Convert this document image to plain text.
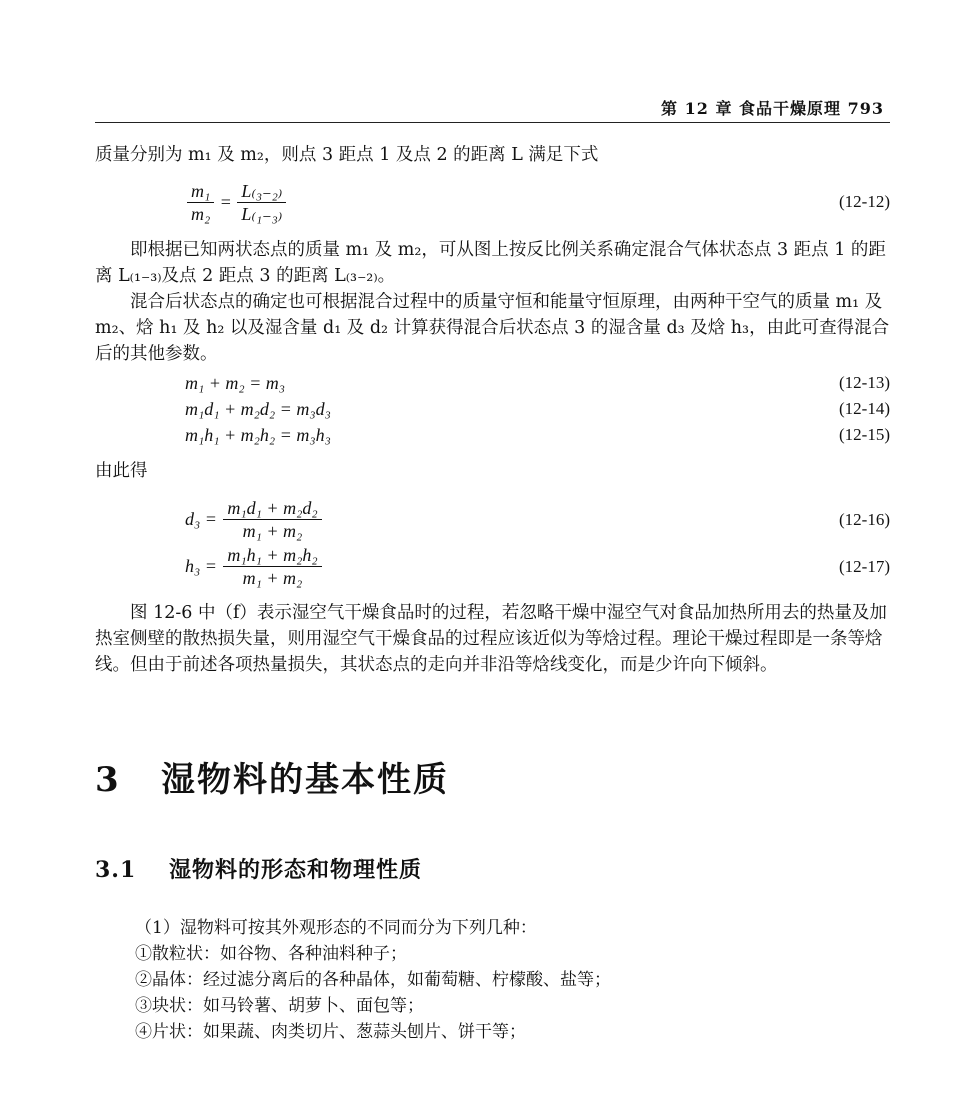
第 12 章 食品干燥原理 793

质量分别为 m₁ 及 m₂，则点 3 距点 1 及点 2 的距离 L 满足下式

$\frac{\text{m₁}}{\text{m₂}} = \frac{\text{L₍₃₋₂₎}}{\text{L₍₁₋₃₎}}$	(12-12)

即根据已知两状态点的质量 m₁ 及 m₂，可从图上按反比例关系确定混合气体状态点 3 距点 1 的距离 L₍₁₋₃₎及点 2 距点 3 的距离 L₍₃₋₂₎。

混合后状态点的确定也可根据混合过程中的质量守恒和能量守恒原理，由两种干空气的质量 m₁ 及 m₂、焓 h₁ 及 h₂ 以及湿含量 d₁ 及 d₂ 计算获得混合后状态点 3 的湿含量 d₃ 及焓 h₃，由此可查得混合后的其他参数。

m₁ + m₂ = m₃	(12-13)
m₁d₁ + m₂d₂ = m₃d₃	(12-14)
m₁h₁ + m₂h₂ = m₃h₃	(12-15)

由此得

$d_3 = \frac{\text{m₁d₁ + m₂d₂}}{\text{m₁ + m₂}}$	(12-16)
$h_3 = \frac{\text{m₁h₁ + m₂h₂}}{\text{m₁ + m₂}}$	(12-17)

图 12-6 中（f）表示湿空气干燥食品时的过程，若忽略干燥中湿空气对食品加热所用去的热量及加热室侧壁的散热损失量，则用湿空气干燥食品的过程应该近似为等焓过程。理论干燥过程即是一条等焓线。但由于前述各项热量损失，其状态点的走向并非沿等焓线变化，而是少许向下倾斜。

3 湿物料的基本性质
3.1 湿物料的形态和物理性质
（1）湿物料可按其外观形态的不同而分为下列几种：
①散粒状：如谷物、各种油料种子；
②晶体：经过滤分离后的各种晶体，如葡萄糖、柠檬酸、盐等；
③块状：如马铃薯、胡萝卜、面包等；
④片状：如果蔬、肉类切片、葱蒜头刨片、饼干等；
